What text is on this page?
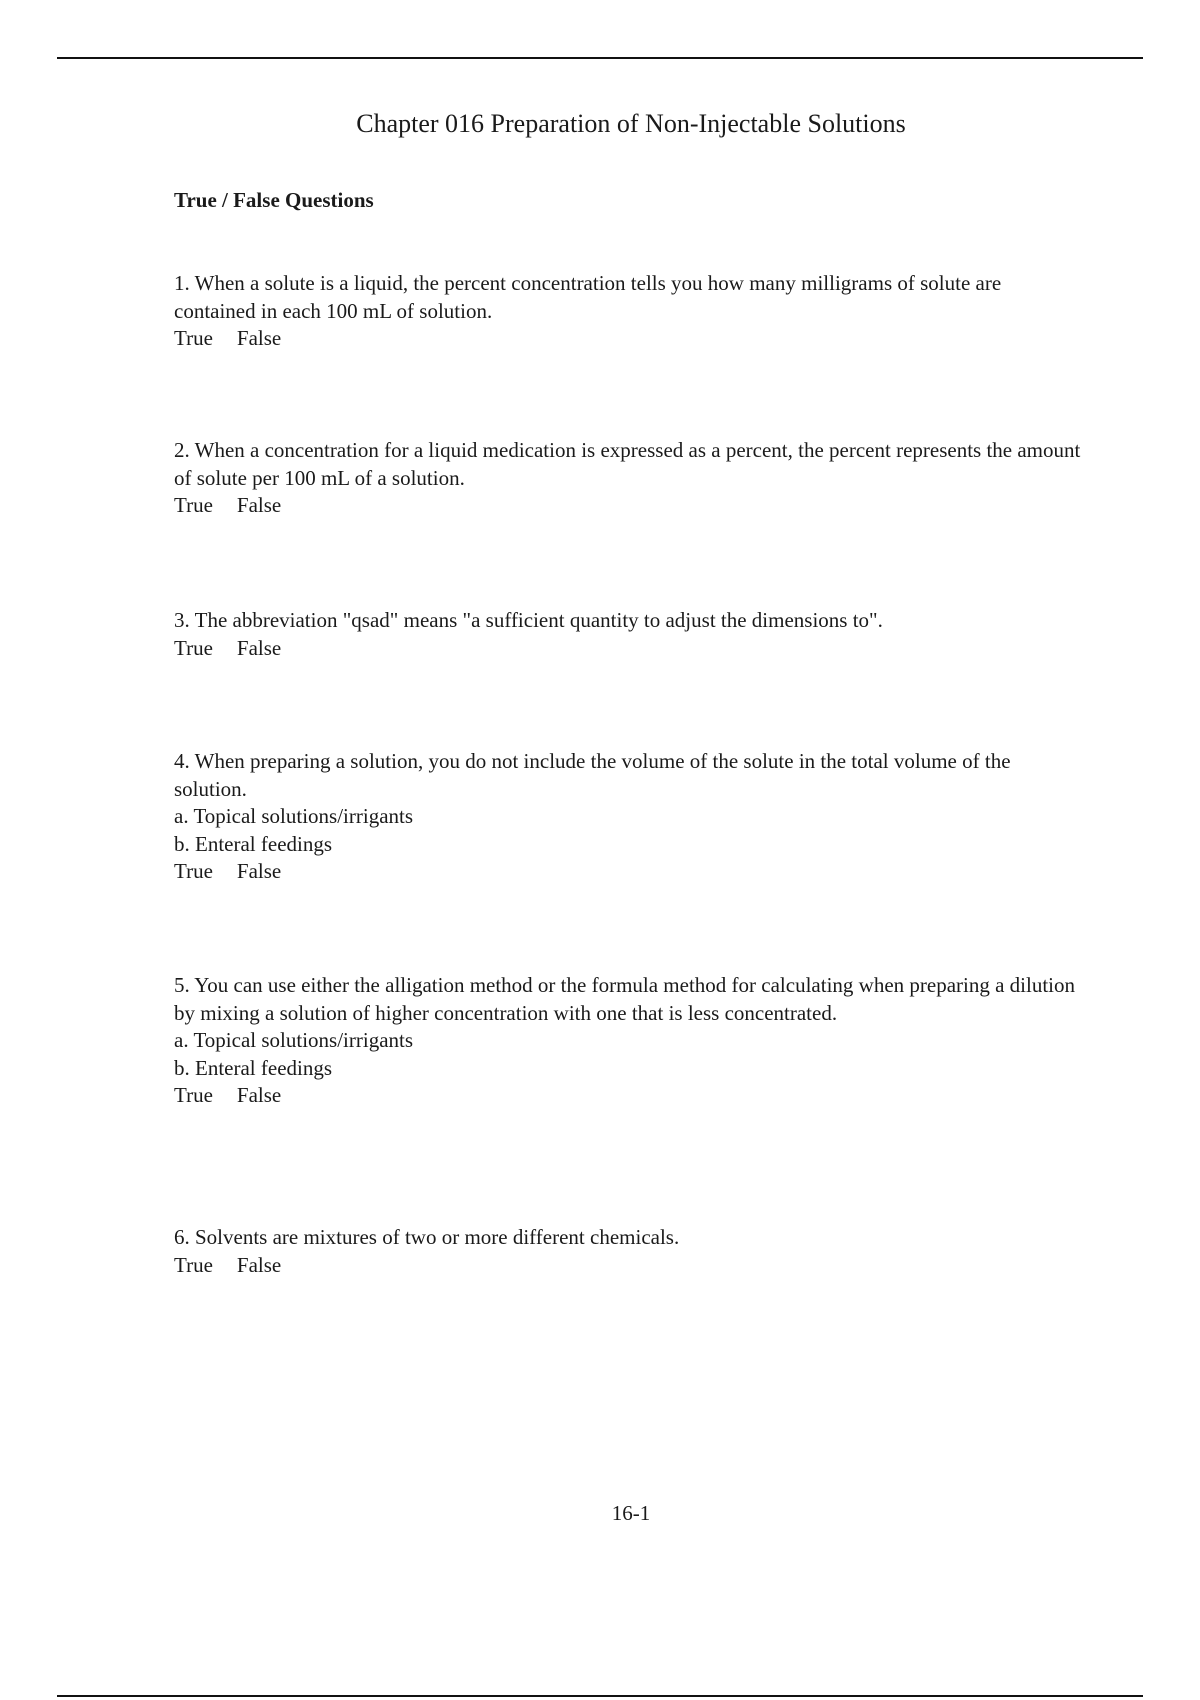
Chapter 016 Preparation of Non-Injectable Solutions
True / False Questions
1. When a solute is a liquid, the percent concentration tells you how many milligrams of solute are contained in each 100 mL of solution.
True False
2. When a concentration for a liquid medication is expressed as a percent, the percent represents the amount of solute per 100 mL of a solution.
True False
3. The abbreviation "qsad" means "a sufficient quantity to adjust the dimensions to".
True False
4. When preparing a solution, you do not include the volume of the solute in the total volume of the solution.
a. Topical solutions/irrigants
b. Enteral feedings
True False
5. You can use either the alligation method or the formula method for calculating when preparing a dilution by mixing a solution of higher concentration with one that is less concentrated.
a. Topical solutions/irrigants
b. Enteral feedings
True False
6. Solvents are mixtures of two or more different chemicals.
True False
16-1
